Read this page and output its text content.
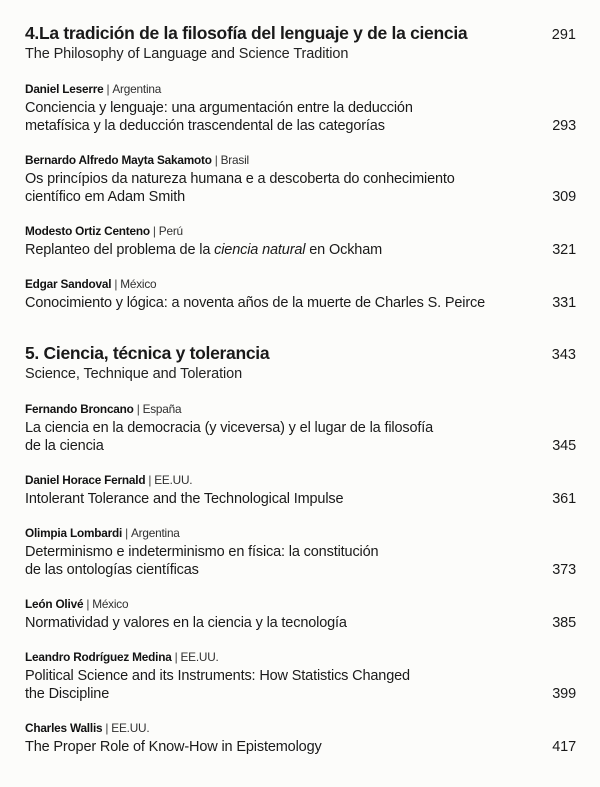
4.La tradición de la filosofía del lenguaje y de la ciencia	291
The Philosophy of Language and Science Tradition
Daniel Leserre | Argentina
Conciencia y lenguaje: una argumentación entre la deducción
metafísica y la deducción trascendental de las categorías	293
Bernardo Alfredo Mayta Sakamoto | Brasil
Os princípios da natureza humana e a descoberta do conhecimiento
científico em Adam Smith	309
Modesto Ortiz Centeno | Perú
Replanteo del problema de la ciencia natural en Ockham	321
Edgar Sandoval | México
Conocimiento y lógica: a noventa años de la muerte de Charles S. Peirce	331
5. Ciencia, técnica y tolerancia	343
Science, Technique and Toleration
Fernando Broncano | España
La ciencia en la democracia (y viceversa) y el lugar de la filosofía
de la ciencia	345
Daniel Horace Fernald | EE.UU.
Intolerant Tolerance and the Technological Impulse	361
Olimpia Lombardi | Argentina
Determinismo e indeterminismo en física: la constitución
de las ontologías científicas	373
León Olivé | México
Normatividad y valores en la ciencia y la tecnología	385
Leandro Rodríguez Medina | EE.UU.
Political Science and its Instruments: How Statistics Changed
the Discipline	399
Charles Wallis | EE.UU.
The Proper Role of Know-How in Epistemology	417
